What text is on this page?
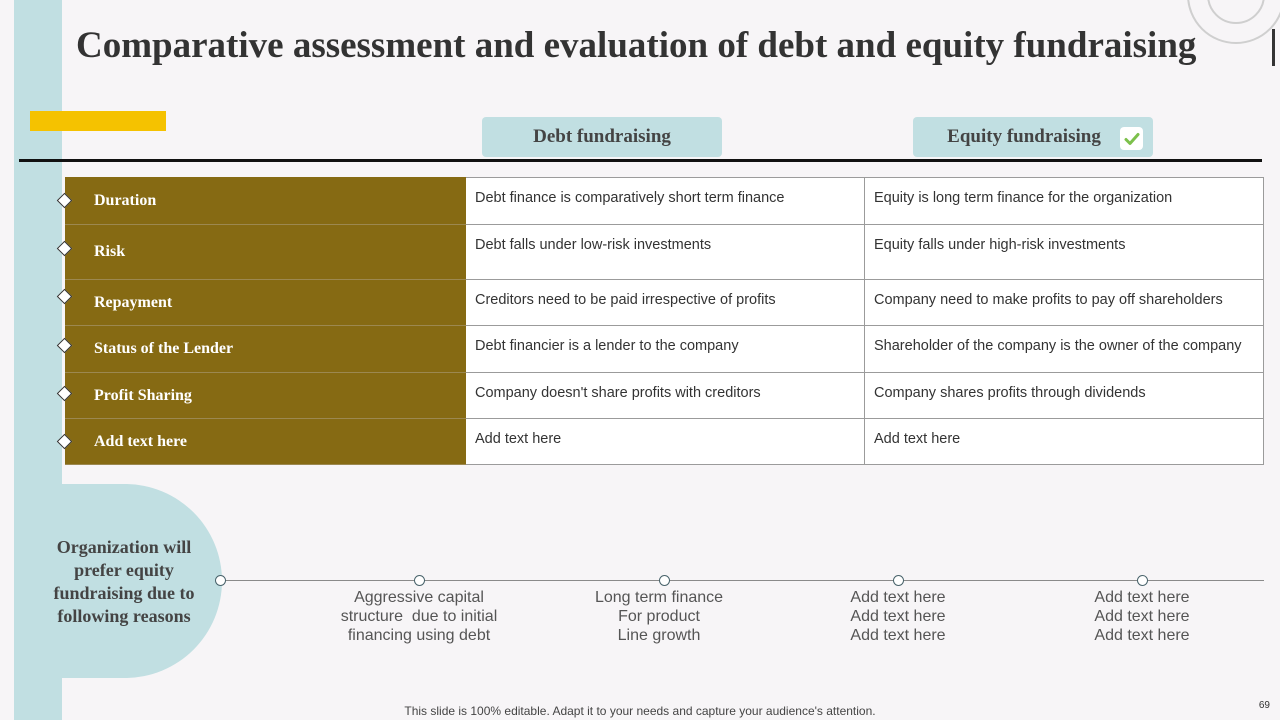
Comparative assessment and evaluation of debt and equity fundraising
Debt fundraising	Equity fundraising
Duration	Debt finance is comparatively short term finance	Equity is long term finance for the organization
Risk	Debt falls under low-risk investments	Equity falls under high-risk investments
Repayment	Creditors need to be paid irrespective of profits	Company need to make profits to pay off shareholders
Status of the Lender	Debt financier is a lender to the company	Shareholder of the company is the owner of the company
Profit Sharing	Company doesn't share profits with creditors	Company shares profits through dividends
Add text here	Add text here	Add text here
Organization will prefer equity fundraising due to following reasons
Aggressive capital
structure  due to initial
financing using debt
Long term finance
For product
Line growth
Add text here
Add text here
Add text here
Add text here
Add text here
Add text here
This slide is 100% editable. Adapt it to your needs and capture your audience's attention.	69
